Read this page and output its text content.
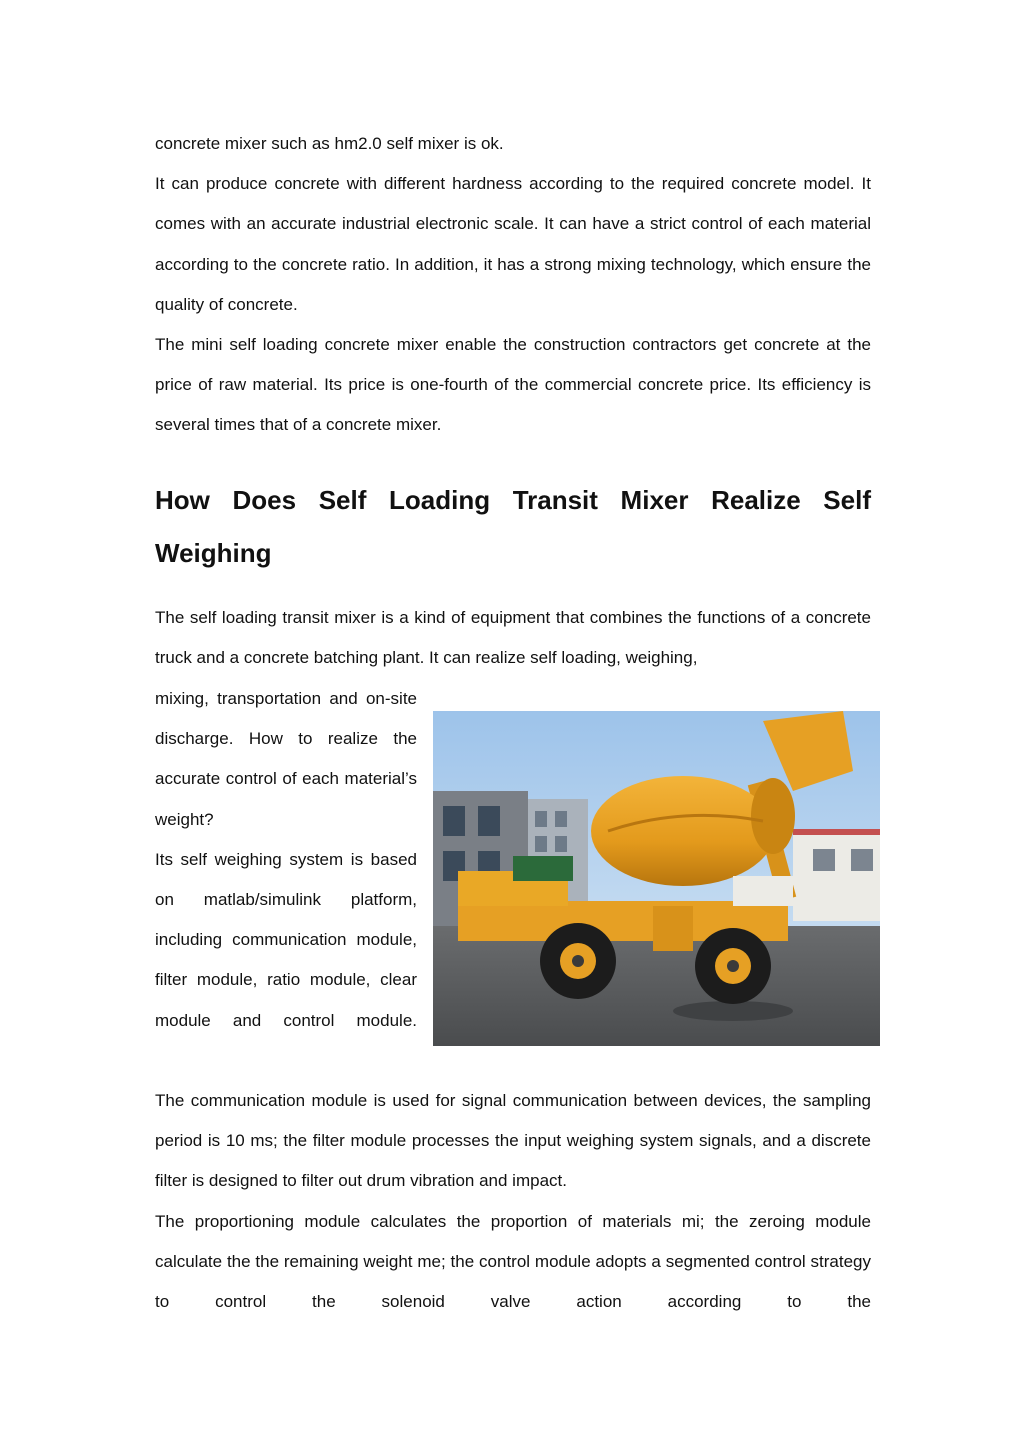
concrete mixer such as hm2.0 self mixer is ok.

It can produce concrete with different hardness according to the required concrete model. It comes with an accurate industrial electronic scale. It can have a strict control of each material according to the concrete ratio. In addition, it has a strong mixing technology, which ensure the quality of concrete.

The mini self loading concrete mixer enable the construction contractors get concrete at the price of raw material. Its price is one-fourth of the commercial concrete price. Its efficiency is several times that of a concrete mixer.

How Does Self Loading Transit Mixer Realize Self Weighing

The self loading transit mixer is a kind of equipment that combines the functions of a concrete truck and a concrete batching plant. It can realize self loading, weighing,

mixing, transportation and on-site discharge. How to realize the accurate control of each material’s weight?

Its self weighing system is based on matlab/simulink platform, including communication module, filter module, ratio module, clear module and control module.

The communication module is used for signal communication between devices, the sampling period is 10 ms; the filter module processes the input weighing system signals, and a discrete filter is designed to filter out drum vibration and impact.

The proportioning module calculates the proportion of materials mi; the zeroing module calculate the the remaining weight me; the control module adopts a segmented control strategy to control the solenoid valve action according to the
